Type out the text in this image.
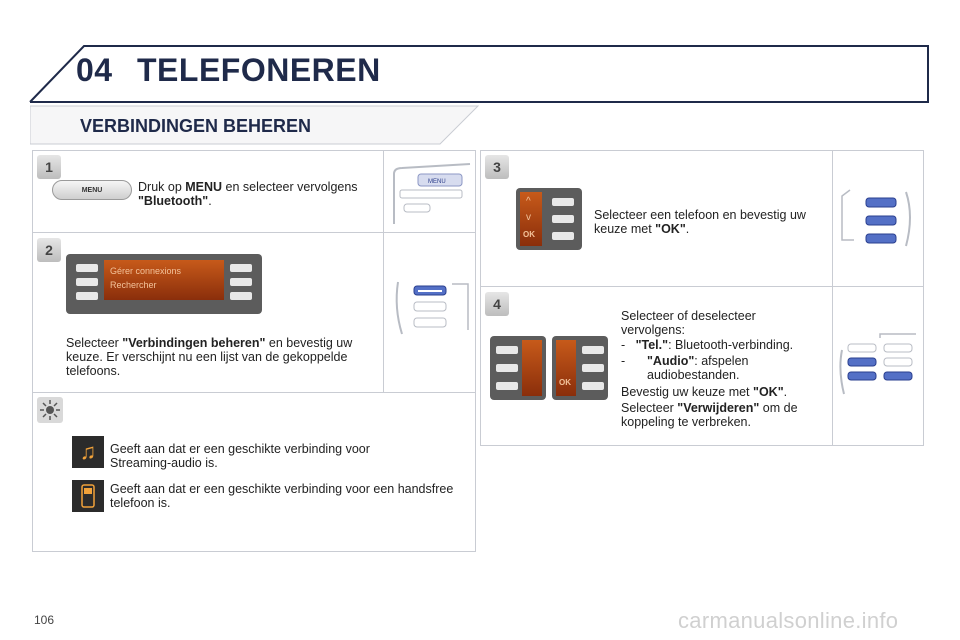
04 TELEFONEREN
VERBINDINGEN BEHEREN
1
MENU	Druk op MENU en selecteer vervolgens
"Bluetooth".
MENU
2
Gérer connexions
Rechercher
Selecteer "Verbindingen beheren" en bevestig uw keuze. Er verschijnt nu een lijst van de gekoppelde telefoons.
♫	Geeft aan dat er een geschikte verbinding voor Streaming-audio is.
Geeft aan dat er een geschikte verbinding voor een handsfree telefoon is.
3
^
v
OK
Selecteer een telefoon en bevestig uw keuze met "OK".
4
OK
Selecteer of deselecteer vervolgens:
-   "Tel.": Bluetooth-verbinding.
-	"Audio": afspelen audiobestanden.
Bevestig uw keuze met "OK".
Selecteer "Verwijderen" om de koppeling te verbreken.
106	carmanualsonline.info
